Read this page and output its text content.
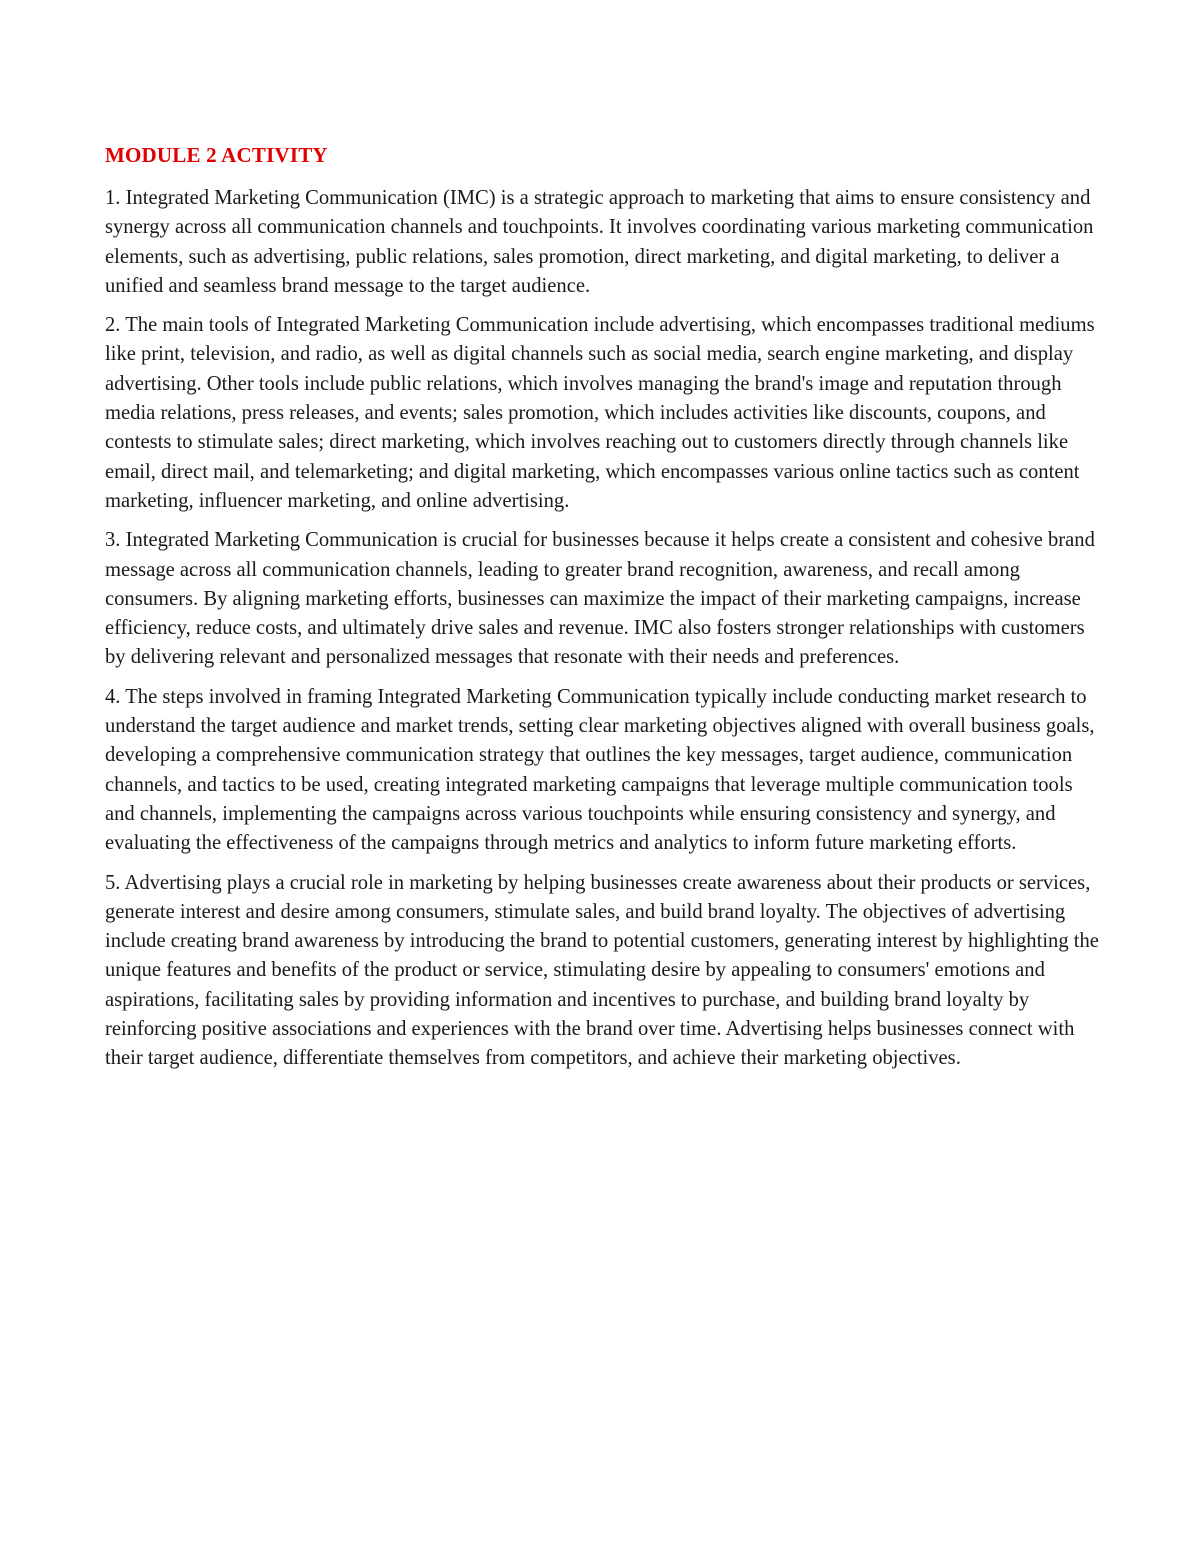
MODULE 2 ACTIVITY

1. Integrated Marketing Communication (IMC) is a strategic approach to marketing that aims to ensure consistency and synergy across all communication channels and touchpoints. It involves coordinating various marketing communication elements, such as advertising, public relations, sales promotion, direct marketing, and digital marketing, to deliver a unified and seamless brand message to the target audience.

2. The main tools of Integrated Marketing Communication include advertising, which encompasses traditional mediums like print, television, and radio, as well as digital channels such as social media, search engine marketing, and display advertising. Other tools include public relations, which involves managing the brand's image and reputation through media relations, press releases, and events; sales promotion, which includes activities like discounts, coupons, and contests to stimulate sales; direct marketing, which involves reaching out to customers directly through channels like email, direct mail, and telemarketing; and digital marketing, which encompasses various online tactics such as content marketing, influencer marketing, and online advertising.

3. Integrated Marketing Communication is crucial for businesses because it helps create a consistent and cohesive brand message across all communication channels, leading to greater brand recognition, awareness, and recall among consumers. By aligning marketing efforts, businesses can maximize the impact of their marketing campaigns, increase efficiency, reduce costs, and ultimately drive sales and revenue. IMC also fosters stronger relationships with customers by delivering relevant and personalized messages that resonate with their needs and preferences.

4. The steps involved in framing Integrated Marketing Communication typically include conducting market research to understand the target audience and market trends, setting clear marketing objectives aligned with overall business goals, developing a comprehensive communication strategy that outlines the key messages, target audience, communication channels, and tactics to be used, creating integrated marketing campaigns that leverage multiple communication tools and channels, implementing the campaigns across various touchpoints while ensuring consistency and synergy, and evaluating the effectiveness of the campaigns through metrics and analytics to inform future marketing efforts.

5. Advertising plays a crucial role in marketing by helping businesses create awareness about their products or services, generate interest and desire among consumers, stimulate sales, and build brand loyalty. The objectives of advertising include creating brand awareness by introducing the brand to potential customers, generating interest by highlighting the unique features and benefits of the product or service, stimulating desire by appealing to consumers' emotions and aspirations, facilitating sales by providing information and incentives to purchase, and building brand loyalty by reinforcing positive associations and experiences with the brand over time. Advertising helps businesses connect with their target audience, differentiate themselves from competitors, and achieve their marketing objectives.
